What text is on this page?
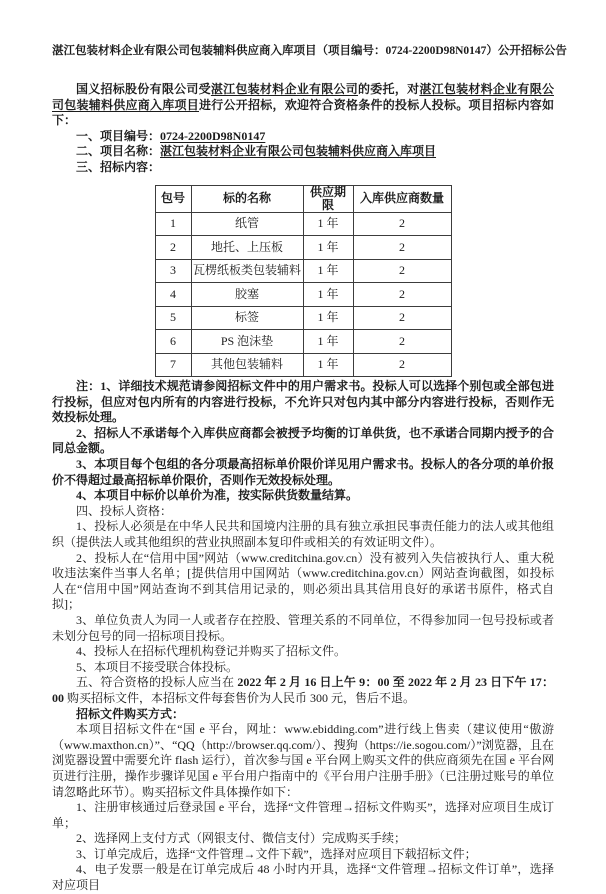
湛江包装材料企业有限公司包装辅料供应商入库项目（项目编号：0724-2200D98N0147）公开招标公告

国义招标股份有限公司受湛江包装材料企业有限公司的委托，对湛江包装材料企业有限公司包装辅料供应商入库项目进行公开招标，欢迎符合资格条件的投标人投标。项目招标内容如下：

一、项目编号：0724-2200D98N0147

二、项目名称：湛江包装材料企业有限公司包装辅料供应商入库项目

三、招标内容：

包号	标的名称	供应期限	入库供应商数量
1	纸管	1 年	2
2	地托、上压板	1 年	2
3	瓦楞纸板类包装辅料	1 年	2
4	胶塞	1 年	2
5	标签	1 年	2
6	PS 泡沫垫	1 年	2
7	其他包装辅料	1 年	2

注：1、详细技术规范请参阅招标文件中的用户需求书。投标人可以选择个别包或全部包进行投标，但应对包内所有的内容进行投标，不允许只对包内其中部分内容进行投标，否则作无效投标处理。

2、招标人不承诺每个入库供应商都会被授予均衡的订单供货，也不承诺合同期内授予的合同总金额。

3、本项目每个包组的各分项最高招标单价限价详见用户需求书。投标人的各分项的单价报价不得超过最高招标单价限价，否则作无效投标处理。

4、本项目中标价以单价为准，按实际供货数量结算。

四、投标人资格：

1、投标人必须是在中华人民共和国境内注册的具有独立承担民事责任能力的法人或其他组织（提供法人或其他组织的营业执照副本复印件或相关的有效证明文件）。

2、投标人在“信用中国”网站（www.creditchina.gov.cn）没有被列入失信被执行人、重大税收违法案件当事人名单；[提供信用中国网站（www.creditchina.gov.cn）网站查询截图，如投标人在“信用中国”网站查询不到其信用记录的，则必须出具其信用良好的承诺书原件，格式自拟]；

3、单位负责人为同一人或者存在控股、管理关系的不同单位，不得参加同一包号投标或者未划分包号的同一招标项目投标。

4、投标人在招标代理机构登记并购买了招标文件。

5、本项目不接受联合体投标。

五、符合资格的投标人应当在 2022 年 2 月 16 日上午 9：00 至 2022 年 2 月 23 日下午 17：00 购买招标文件，本招标文件每套售价为人民币 300 元，售后不退。

招标文件购买方式：

本项目招标文件在“国 e 平台，网址：www.ebidding.com”进行线上售卖（建议使用“傲游（www.maxthon.cn）”、“QQ（http://browser.qq.com/）、搜狗（https://ie.sogou.com/）”浏览器，且在浏览器设置中需要允许 flash 运行），首次参与国 e 平台网上购买文件的供应商须先在国 e 平台网页进行注册，操作步骤详见国 e 平台用户指南中的《平台用户注册手册》（已注册过账号的单位请忽略此环节）。购买招标文件具体操作如下：

1、注册审核通过后登录国 e 平台，选择“文件管理→招标文件购买”，选择对应项目生成订单；

2、选择网上支付方式（网银支付、微信支付）完成购买手续；

3、订单完成后，选择“文件管理→文件下载”，选择对应项目下载招标文件；

4、电子发票一般是在订单完成后 48 小时内开具，选择“文件管理→招标文件订单”，选择对应项目
